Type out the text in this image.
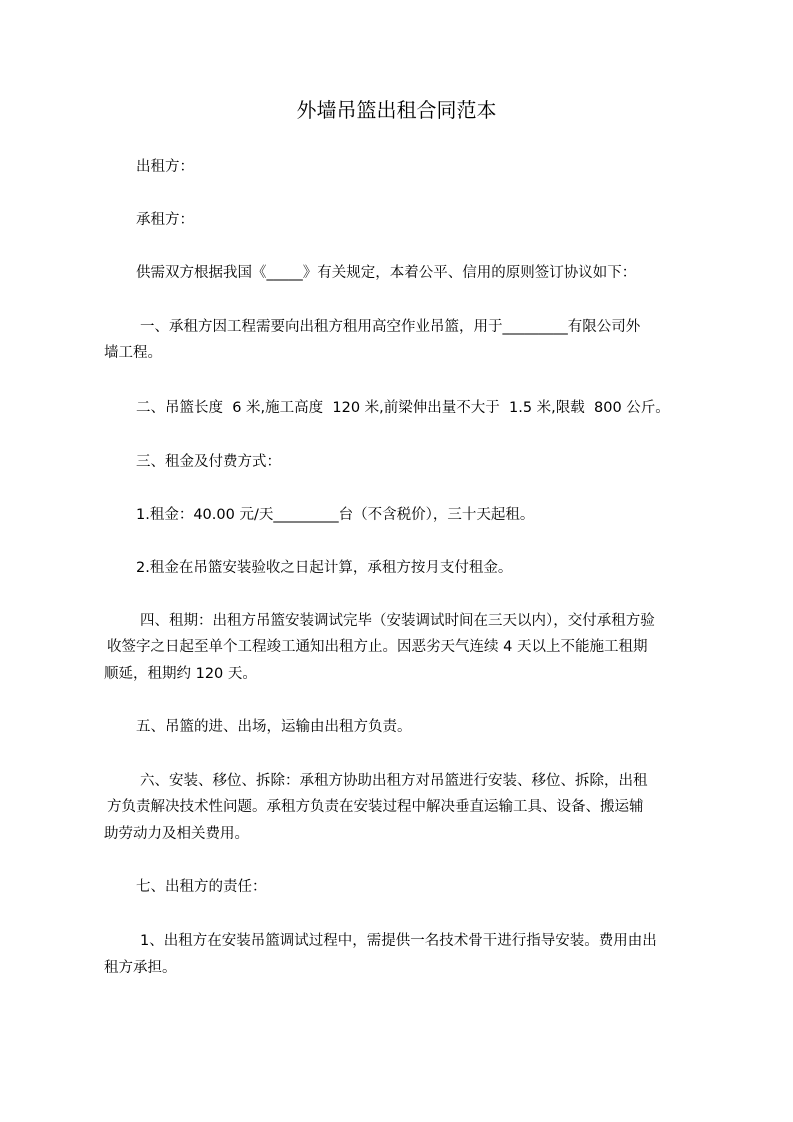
外墙吊篮出租合同范本
出租方：
承租方：
供需双方根据我国《_____》有关规定，本着公平、信用的原则签订协议如下：
一、承租方因工程需要向出租方租用高空作业吊篮，用于_________有限公司外
墙工程。
二、吊篮长度  6 米,施工高度  120 米,前梁伸出量不大于  1.5 米,限载  800 公斤。
三、租金及付费方式：
1.租金：40.00 元/天_________台（不含税价），三十天起租。
2.租金在吊篮安装验收之日起计算，承租方按月支付租金。
四、租期：出租方吊篮安装调试完毕（安装调试时间在三天以内），交付承租方验
收签字之日起至单个工程竣工通知出租方止。因恶劣天气连续 4 天以上不能施工租期
顺延，租期约 120 天。
五、吊篮的进、出场，运输由出租方负责。
六、安装、移位、拆除：承租方协助出租方对吊篮进行安装、移位、拆除，出租
方负责解决技术性问题。承租方负责在安装过程中解决垂直运输工具、设备、搬运辅
助劳动力及相关费用。
七、出租方的责任：
1、出租方在安装吊篮调试过程中，需提供一名技术骨干进行指导安装。费用由出
租方承担。
